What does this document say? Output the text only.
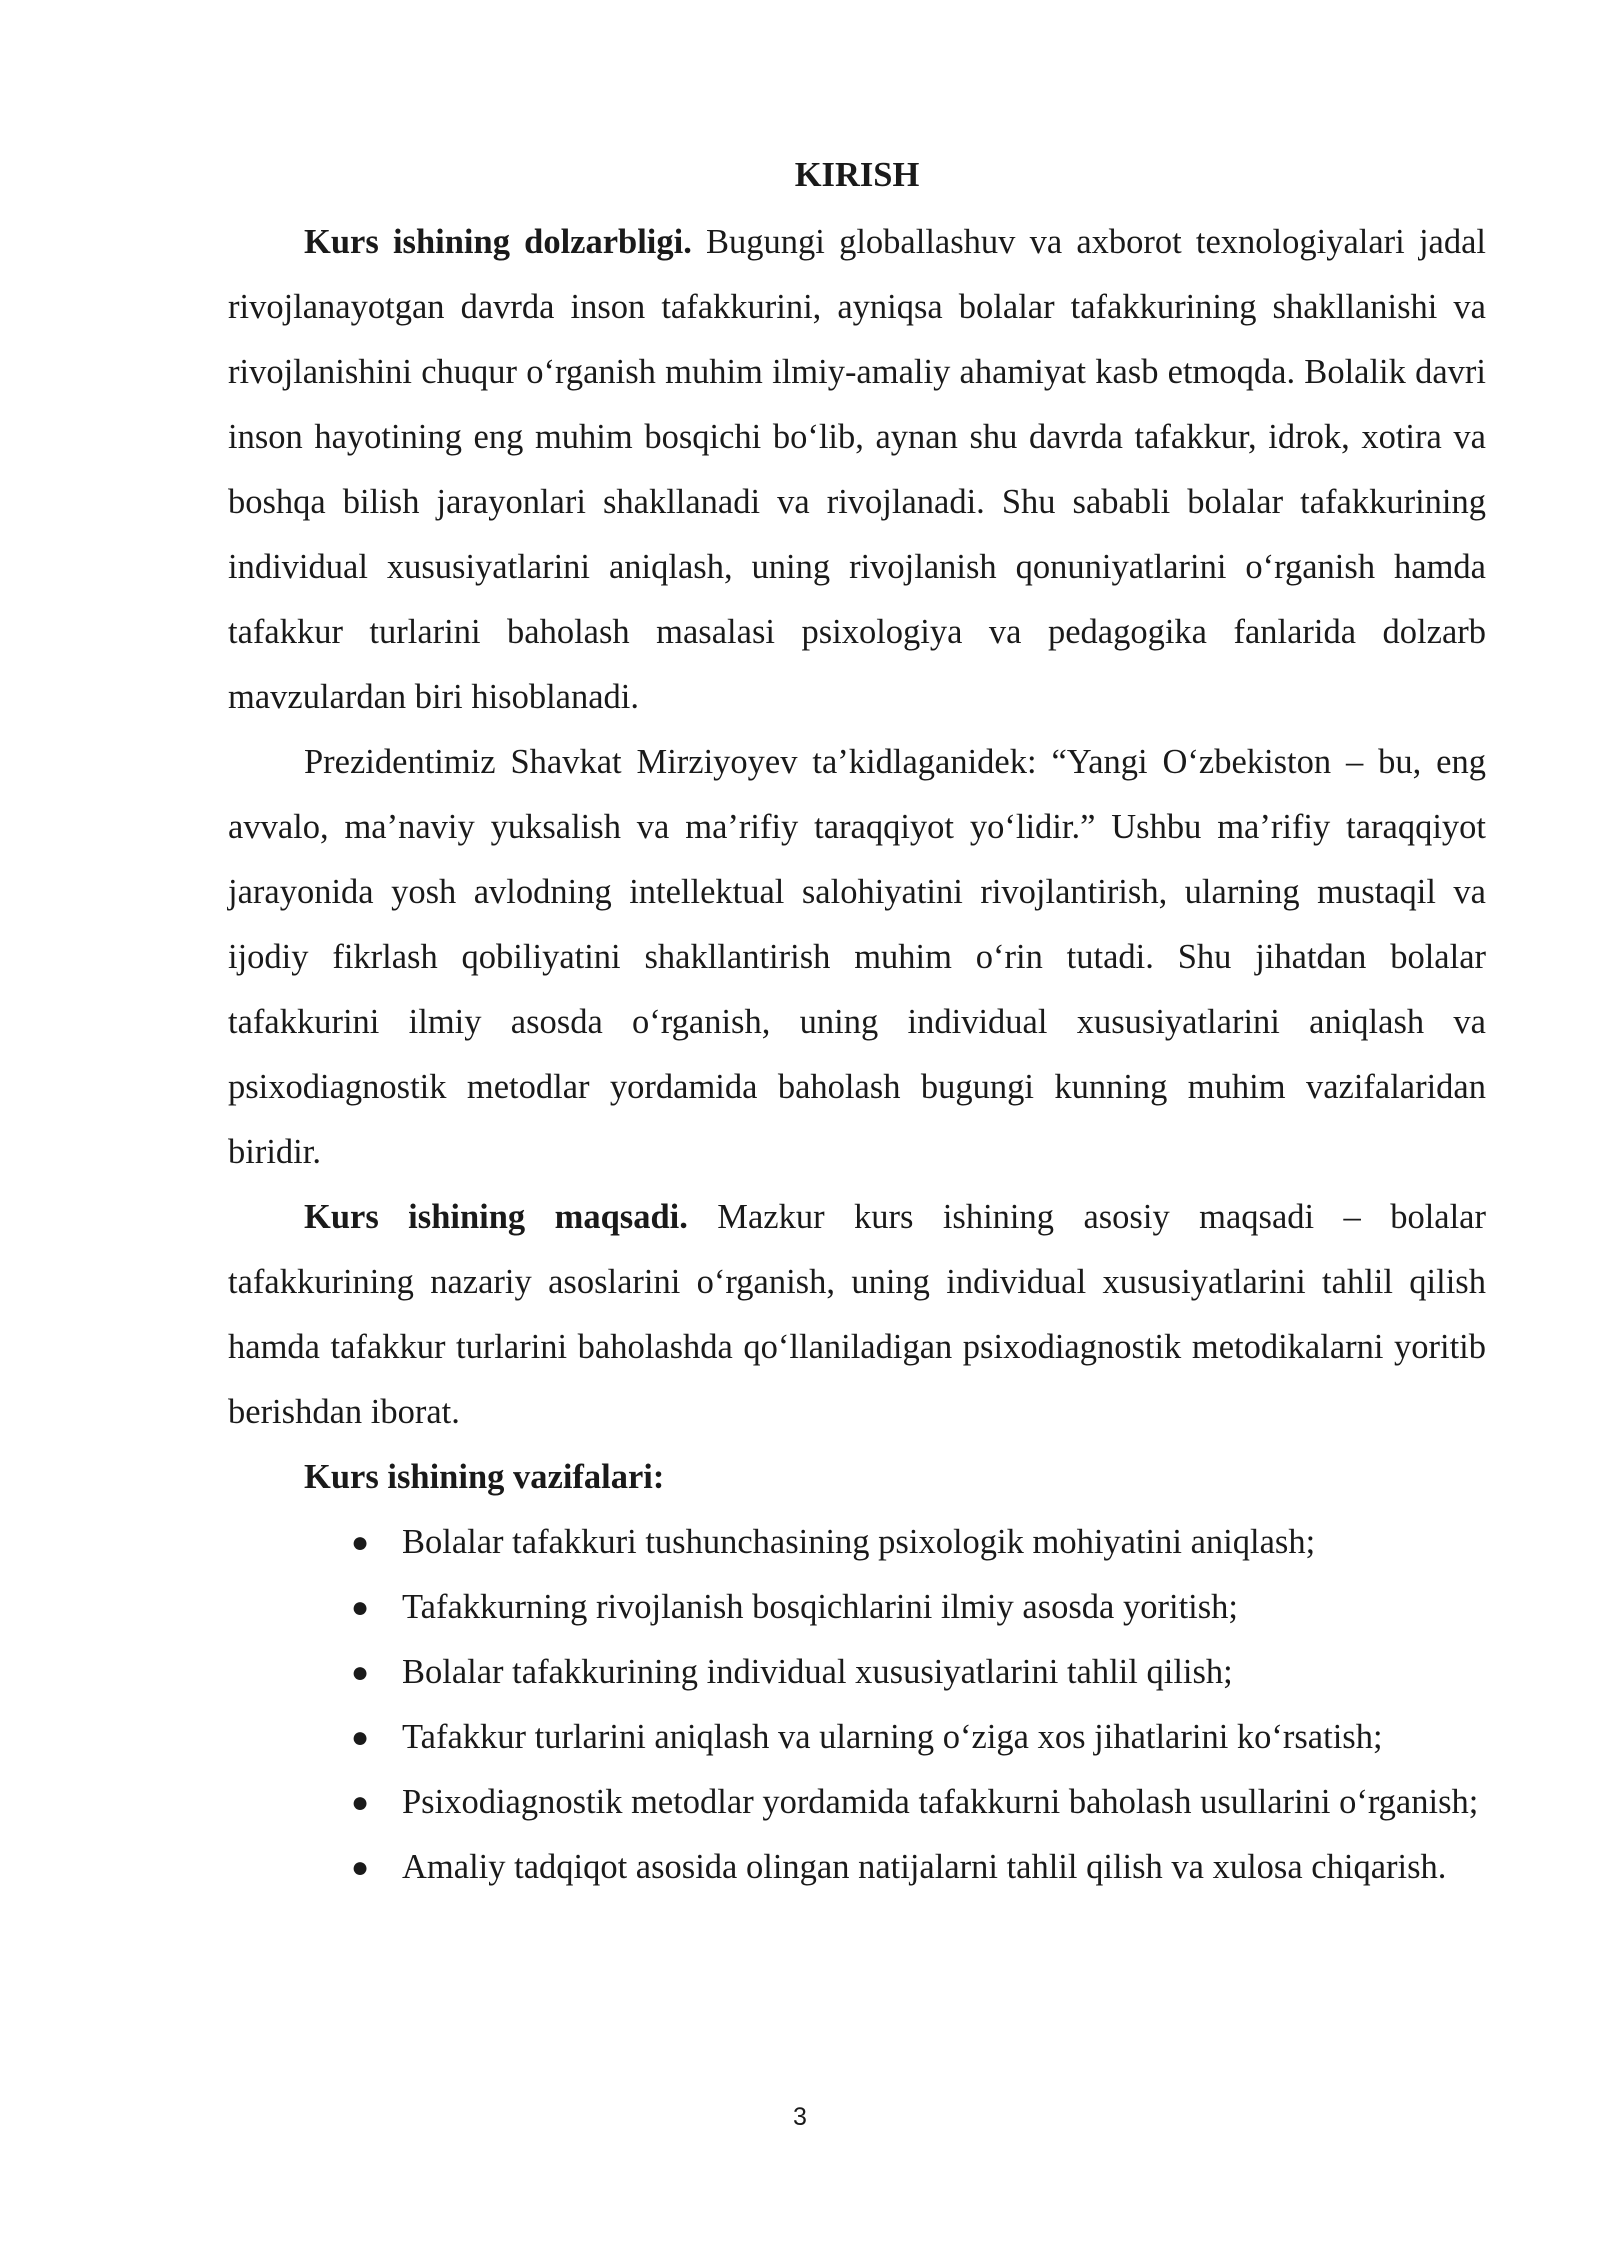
KIRISH

Kurs ishining dolzarbligi. Bugungi globallashuv va axborot texnologiyalari jadal rivojlanayotgan davrda inson tafakkurini, ayniqsa bolalar tafakkurining shakllanishi va rivojlanishini chuqur o‘rganish muhim ilmiy-amaliy ahamiyat kasb etmoqda. Bolalik davri inson hayotining eng muhim bosqichi bo‘lib, aynan shu davrda tafakkur, idrok, xotira va boshqa bilish jarayonlari shakllanadi va rivojlanadi. Shu sababli bolalar tafakkurining individual xususiyatlarini aniqlash, uning rivojlanish qonuniyatlarini o‘rganish hamda tafakkur turlarini baholash masalasi psixologiya va pedagogika fanlarida dolzarb mavzulardan biri hisoblanadi.

Prezidentimiz Shavkat Mirziyoyev ta’kidlaganidek: “Yangi O‘zbekiston – bu, eng avvalo, ma’naviy yuksalish va ma’rifiy taraqqiyot yo‘lidir.” Ushbu ma’rifiy taraqqiyot jarayonida yosh avlodning intellektual salohiyatini rivojlantirish, ularning mustaqil va ijodiy fikrlash qobiliyatini shakllantirish muhim o‘rin tutadi. Shu jihatdan bolalar tafakkurini ilmiy asosda o‘rganish, uning individual xususiyatlarini aniqlash va psixodiagnostik metodlar yordamida baholash bugungi kunning muhim vazifalaridan biridir.

Kurs ishining maqsadi. Mazkur kurs ishining asosiy maqsadi – bolalar tafakkurining nazariy asoslarini o‘rganish, uning individual xususiyatlarini tahlil qilish hamda tafakkur turlarini baholashda qo‘llaniladigan psixodiagnostik metodikalarni yoritib berishdan iborat.

Kurs ishining vazifalari:
● Bolalar tafakkuri tushunchasining psixologik mohiyatini aniqlash;
● Tafakkurning rivojlanish bosqichlarini ilmiy asosda yoritish;
● Bolalar tafakkurining individual xususiyatlarini tahlil qilish;
● Tafakkur turlarini aniqlash va ularning o‘ziga xos jihatlarini ko‘rsatish;
● Psixodiagnostik metodlar yordamida tafakkurni baholash usullarini o‘rganish;
● Amaliy tadqiqot asosida olingan natijalarni tahlil qilish va xulosa chiqarish.
3
